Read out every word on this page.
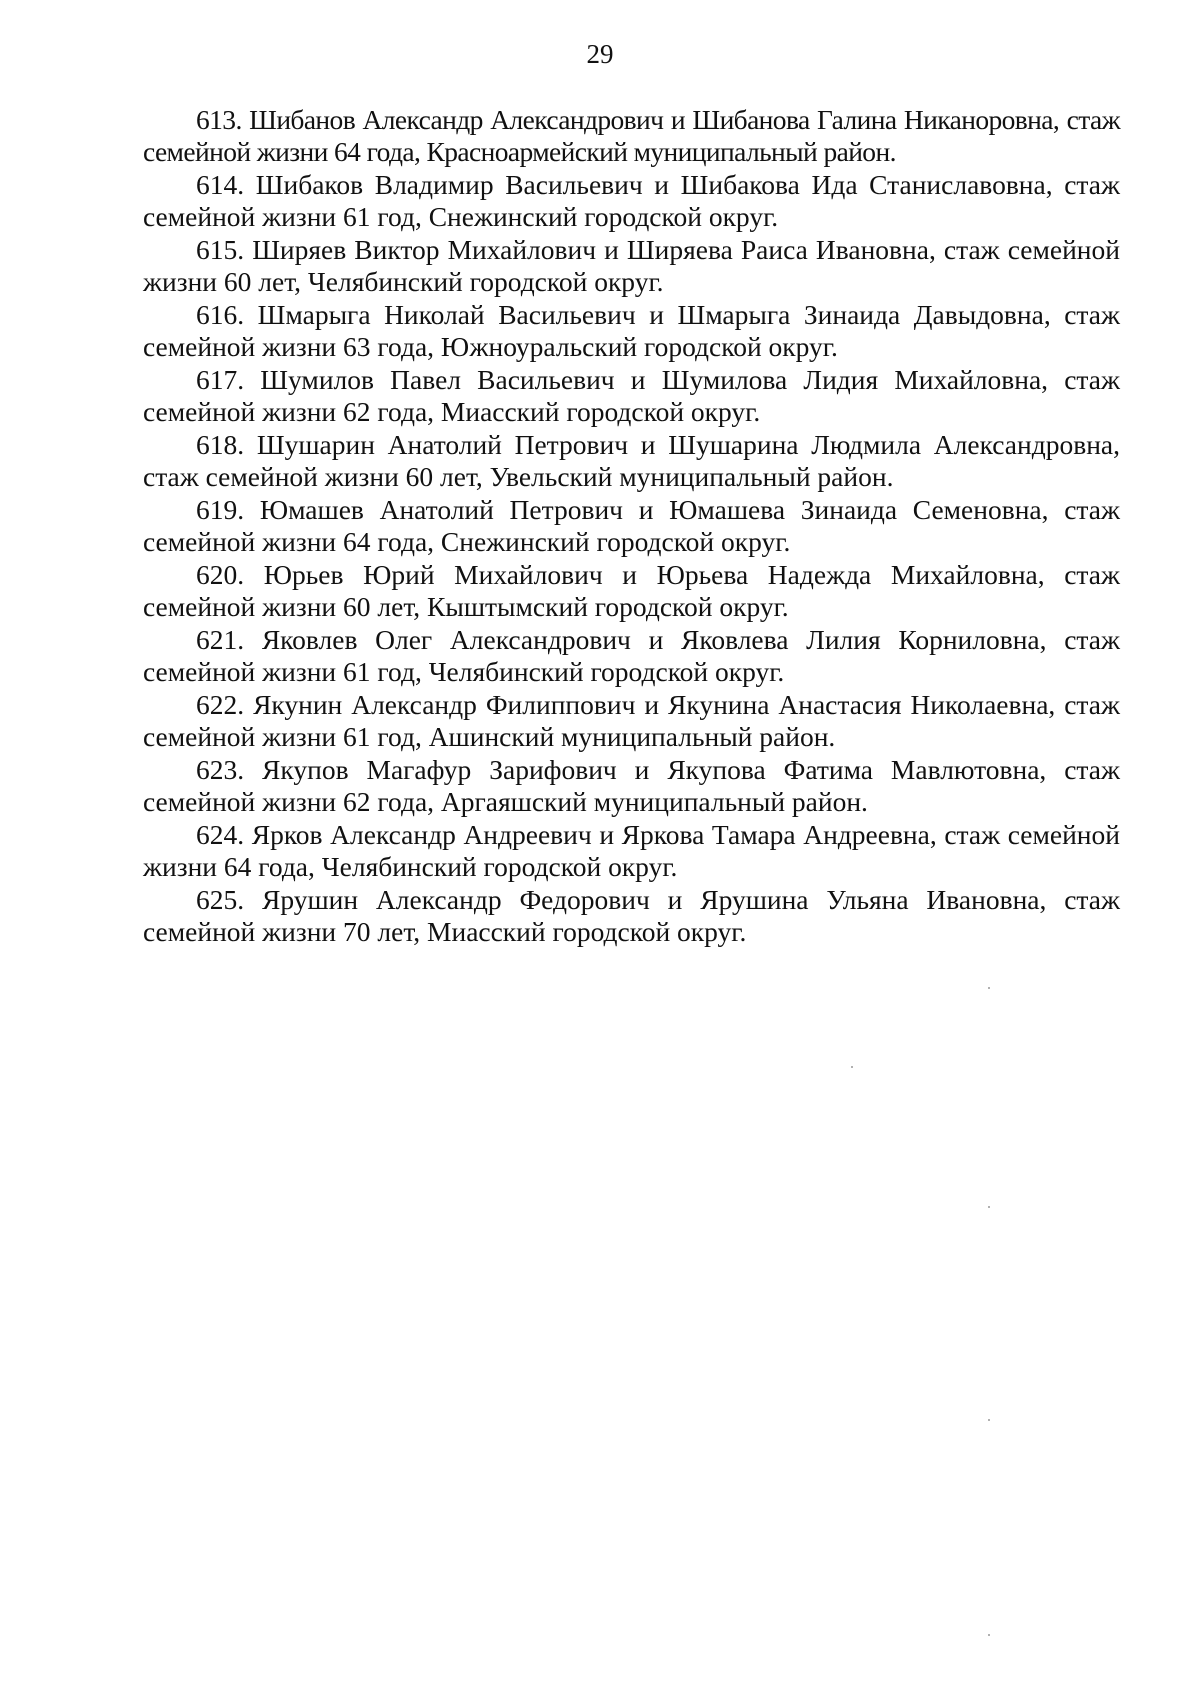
29

613. Шибанов Александр Александрович и Шибанова Галина Никаноровна, стаж семейной жизни 64 года, Красноармейский муниципальный район.

614. Шибаков Владимир Васильевич и Шибакова Ида Станиславовна, стаж семейной жизни 61 год, Снежинский городской округ.

615. Ширяев Виктор Михайлович и Ширяева Раиса Ивановна, стаж семейной жизни 60 лет, Челябинский городской округ.

616. Шмарыга Николай Васильевич и Шмарыга Зинаида Давыдовна, стаж семейной жизни 63 года, Южноуральский городской округ.

617. Шумилов Павел Васильевич и Шумилова Лидия Михайловна, стаж семейной жизни 62 года, Миасский городской округ.

618. Шушарин Анатолий Петрович и Шушарина Людмила Александровна, стаж семейной жизни 60 лет, Увельский муниципальный район.

619. Юмашев Анатолий Петрович и Юмашева Зинаида Семеновна, стаж семейной жизни 64 года, Снежинский городской округ.

620. Юрьев Юрий Михайлович и Юрьева Надежда Михайловна, стаж семейной жизни 60 лет, Кыштымский городской округ.

621. Яковлев Олег Александрович и Яковлева Лилия Корниловна, стаж семейной жизни 61 год, Челябинский городской округ.

622. Якунин Александр Филиппович и Якунина Анастасия Николаевна, стаж семейной жизни 61 год, Ашинский муниципальный район.

623. Якупов Магафур Зарифович и Якупова Фатима Мавлютовна, стаж семейной жизни 62 года, Аргаяшский муниципальный район.

624. Ярков Александр Андреевич и Яркова Тамара Андреевна, стаж семейной жизни 64 года, Челябинский городской округ.

625. Ярушин Александр Федорович и Ярушина Ульяна Ивановна, стаж семейной жизни 70 лет, Миасский городской округ.
